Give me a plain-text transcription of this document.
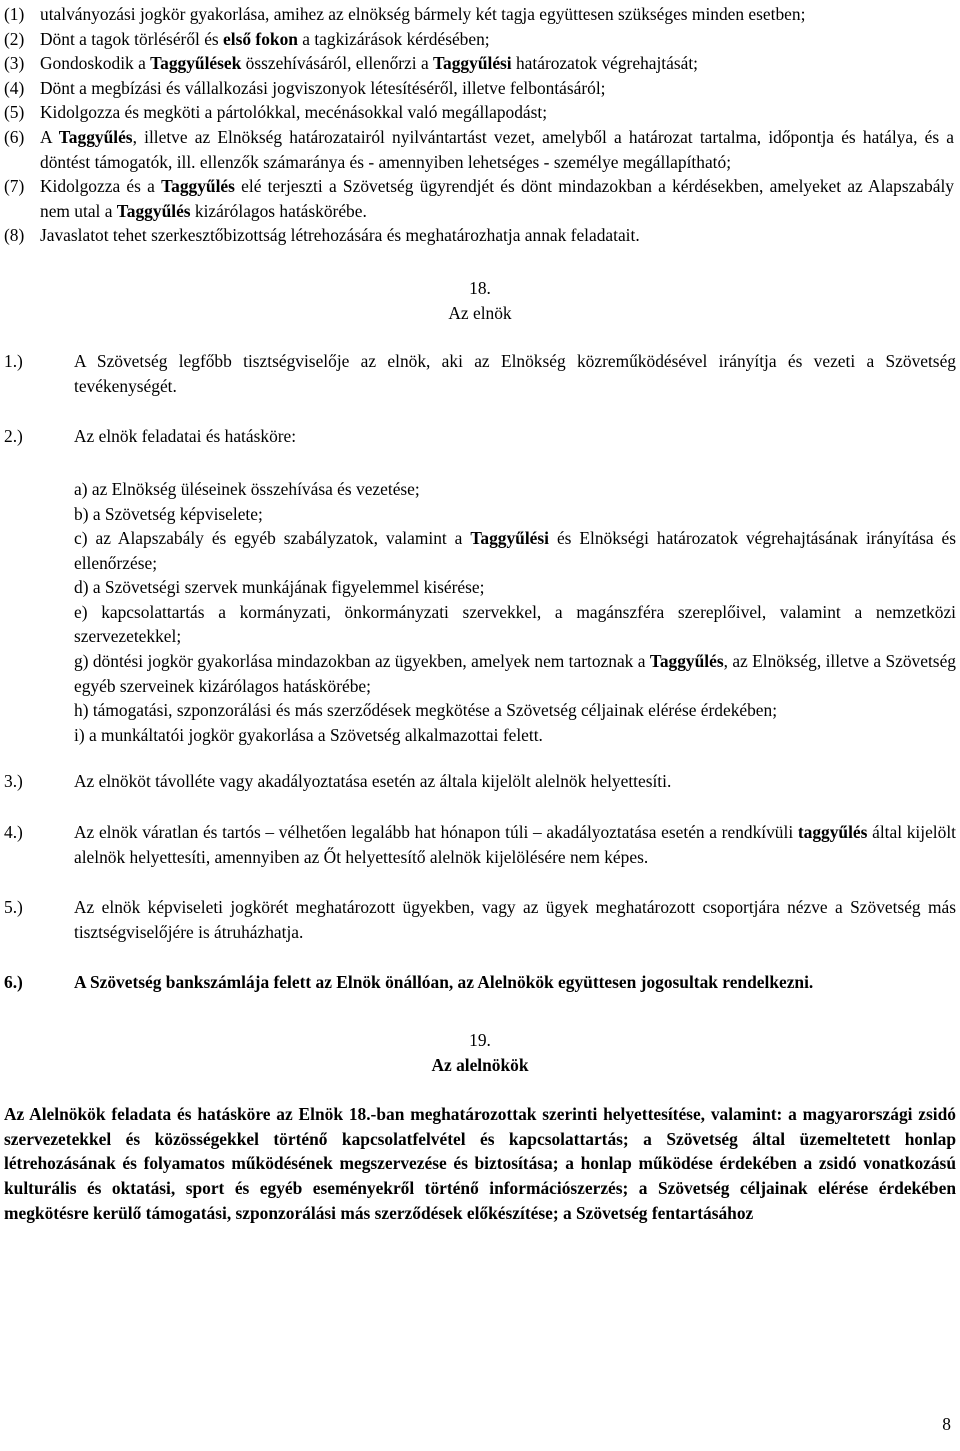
(1) utalványozási jogkör gyakorlása, amihez az elnökség bármely két tagja együttesen szükséges minden esetben;
(2) Dönt a tagok törléséről és első fokon a tagkizárások kérdésében;
(3) Gondoskodik a Taggyűlések összehívásáról, ellenőrzi a Taggyűlési határozatok végrehajtását;
(4) Dönt a megbízási és vállalkozási jogviszonyok létesítéséről, illetve felbontásáról;
(5) Kidolgozza és megköti a pártolókkal, mecénásokkal való megállapodást;
(6) A Taggyűlés, illetve az Elnökség határozatairól nyilvántartást vezet, amelyből a határozat tartalma, időpontja és hatálya, és a döntést támogatók, ill. ellenzők számaránya és - amennyiben lehetséges - személye megállapítható;
(7) Kidolgozza és a Taggyűlés elé terjeszti a Szövetség ügyrendjét és dönt mindazokban a kérdésekben, amelyeket az Alapszabály nem utal a Taggyűlés kizárólagos hatáskörébe.
(8) Javaslatot tehet szerkesztőbizottság létrehozására és meghatározhatja annak feladatait.
18.
Az elnök
1.)	A Szövetség legfőbb tisztségviselője az elnök, aki az Elnökség közreműködésével irányítja és vezeti a Szövetség tevékenységét.
2.)	Az elnök feladatai és hatásköre:
a) az Elnökség üléseinek összehívása és vezetése;
b) a Szövetség képviselete;
c) az Alapszabály és egyéb szabályzatok, valamint a Taggyűlési és Elnökségi határozatok végrehajtásának irányítása és ellenőrzése;
d) a Szövetségi szervek munkájának figyelemmel kisérése;
e) kapcsolattartás a kormányzati, önkormányzati szervekkel, a magánszféra szereplőivel, valamint a nemzetközi szervezetekkel;
g) döntési jogkör gyakorlása mindazokban az ügyekben, amelyek nem tartoznak a Taggyűlés, az Elnökség, illetve a Szövetség egyéb szerveinek kizárólagos hatáskörébe;
h) támogatási, szponzorálási és más szerződések megkötése a Szövetség céljainak elérése érdekében;
i) a munkáltatói jogkör gyakorlása a Szövetség alkalmazottai felett.
3.)	Az elnököt távolléte vagy akadályoztatása esetén az általa kijelölt alelnök helyettesíti.
4.)	Az elnök váratlan és tartós – vélhetően legalább hat hónapon túli – akadályoztatása esetén a rendkívüli taggyűlés által kijelölt alelnök helyettesíti, amennyiben az Őt helyettesítő alelnök kijelölésére nem képes.
5.)	Az elnök képviseleti jogkörét meghatározott ügyekben, vagy az ügyek meghatározott csoportjára nézve a Szövetség más tisztségviselőjére is átruházhatja.
6.)	A Szövetség bankszámlája felett az Elnök önállóan, az Alelnökök együttesen jogosultak rendelkezni.
19.
Az alelnökök
Az Alelnökök feladata és hatásköre az Elnök 18.-ban meghatározottak szerinti helyettesítése, valamint: a magyarországi zsidó szervezetekkel és közösségekkel történő kapcsolatfelvétel és kapcsolattartás; a Szövetség által üzemeltetett honlap létrehozásának és folyamatos működésének megszervezése és biztosítása; a honlap működése érdekében a zsidó vonatkozású kulturális és oktatási, sport és egyéb eseményekről történő információszerzés; a Szövetség céljainak elérése érdekében megkötésre kerülő támogatási, szponzorálási más szerződések előkészítése; a Szövetség fentartásához
8
